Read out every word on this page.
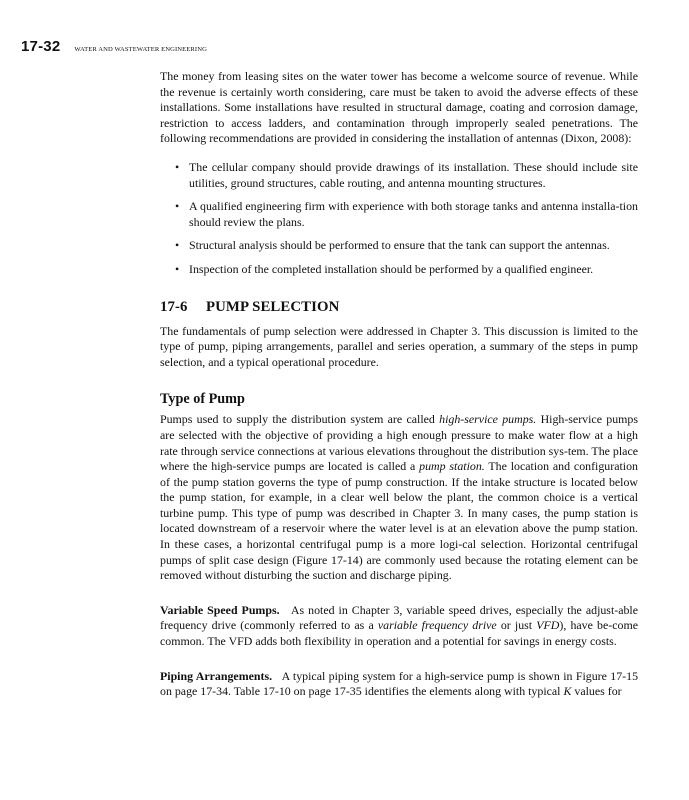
17-32 WATER AND WASTEWATER ENGINEERING

The money from leasing sites on the water tower has become a welcome source of revenue. While the revenue is certainly worth considering, care must be taken to avoid the adverse effects of these installations. Some installations have resulted in structural damage, coating and corrosion damage, restriction to access ladders, and contamination through improperly sealed penetrations. The following recommendations are provided in considering the installation of antennas (Dixon, 2008):

• The cellular company should provide drawings of its installation. These should include site utilities, ground structures, cable routing, and antenna mounting structures.
• A qualified engineering firm with experience with both storage tanks and antenna installa-tion should review the plans.
• Structural analysis should be performed to ensure that the tank can support the antennas.
• Inspection of the completed installation should be performed by a qualified engineer.
17-6 PUMP SELECTION

The fundamentals of pump selection were addressed in Chapter 3. This discussion is limited to the type of pump, piping arrangements, parallel and series operation, a summary of the steps in pump selection, and a typical operational procedure.

Type of Pump

Pumps used to supply the distribution system are called high-service pumps. High-service pumps are selected with the objective of providing a high enough pressure to make water flow at a high rate through service connections at various elevations throughout the distribution sys-tem. The place where the high-service pumps are located is called a pump station. The location and configuration of the pump station governs the type of pump construction. If the intake structure is located below the pump station, for example, in a clear well below the plant, the common choice is a vertical turbine pump. This type of pump was described in Chapter 3. In many cases, the pump station is located downstream of a reservoir where the water level is at an elevation above the pump station. In these cases, a horizontal centrifugal pump is a more logi-cal selection. Horizontal centrifugal pumps of split case design (Figure 17-14) are commonly used because the rotating element can be removed without disturbing the suction and discharge piping.

Variable Speed Pumps. As noted in Chapter 3, variable speed drives, especially the adjust-able frequency drive (commonly referred to as a variable frequency drive or just VFD), have be-come common. The VFD adds both flexibility in operation and a potential for savings in energy costs.

Piping Arrangements. A typical piping system for a high-service pump is shown in Figure 17-15 on page 17-34. Table 17-10 on page 17-35 identifies the elements along with typical K values for
